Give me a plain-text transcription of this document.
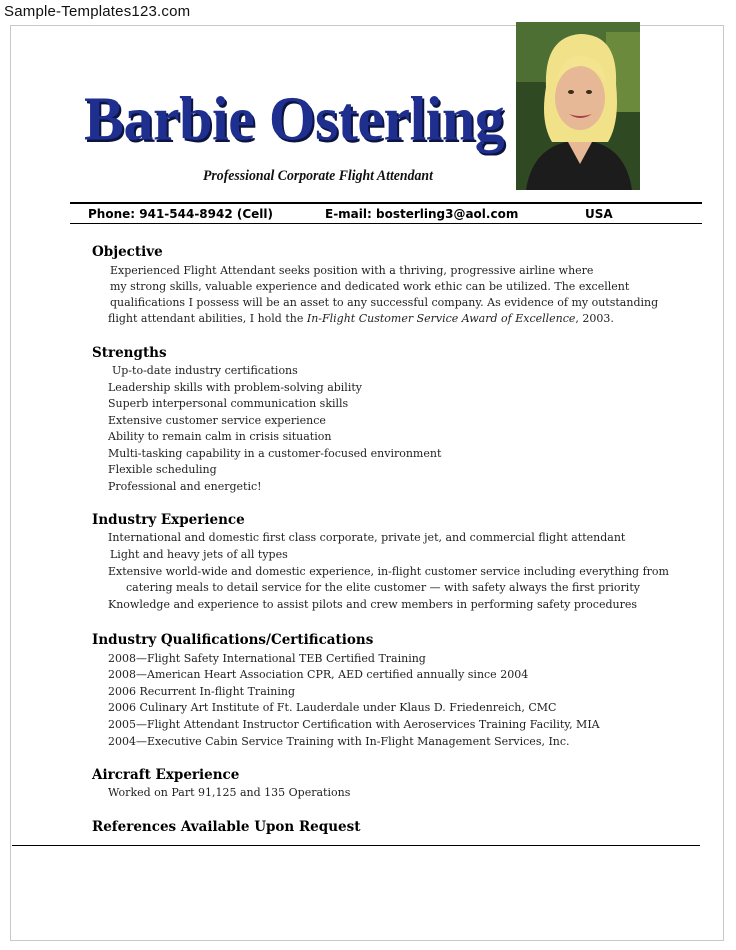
Sample-Templates123.com
Barbie Osterling
Professional Corporate Flight Attendant
Phone: 941-544-8942 (Cell)	E-mail: bosterling3@aol.com	USA
Objective
Experienced Flight Attendant seeks position with a thriving, progressive airline where
my strong skills, valuable experience and dedicated work ethic can be utilized. The excellent
qualifications I possess will be an asset to any successful company. As evidence of my outstanding
flight attendant abilities, I hold the In-Flight Customer Service Award of Excellence, 2003.
Strengths
Up-to-date industry certifications
Leadership skills with problem-solving ability
Superb interpersonal communication skills
Extensive customer service experience
Ability to remain calm in crisis situation
Multi-tasking capability in a customer-focused environment
Flexible scheduling
Professional and energetic!
Industry Experience
International and domestic first class corporate, private jet, and commercial flight attendant
Light and heavy jets of all types
Extensive world-wide and domestic experience, in-flight customer service including everything from
catering meals to detail service for the elite customer — with safety always the first priority
Knowledge and experience to assist pilots and crew members in performing safety procedures
Industry Qualifications/Certifications
2008—Flight Safety International TEB Certified Training
2008—American Heart Association CPR, AED certified annually since 2004
2006 Recurrent In-flight Training
2006 Culinary Art Institute of Ft. Lauderdale under Klaus D. Friedenreich, CMC
2005—Flight Attendant Instructor Certification with Aeroservices Training Facility, MIA
2004—Executive Cabin Service Training with In-Flight Management Services, Inc.
Aircraft Experience
Worked on Part 91,125 and 135 Operations
References Available Upon Request
